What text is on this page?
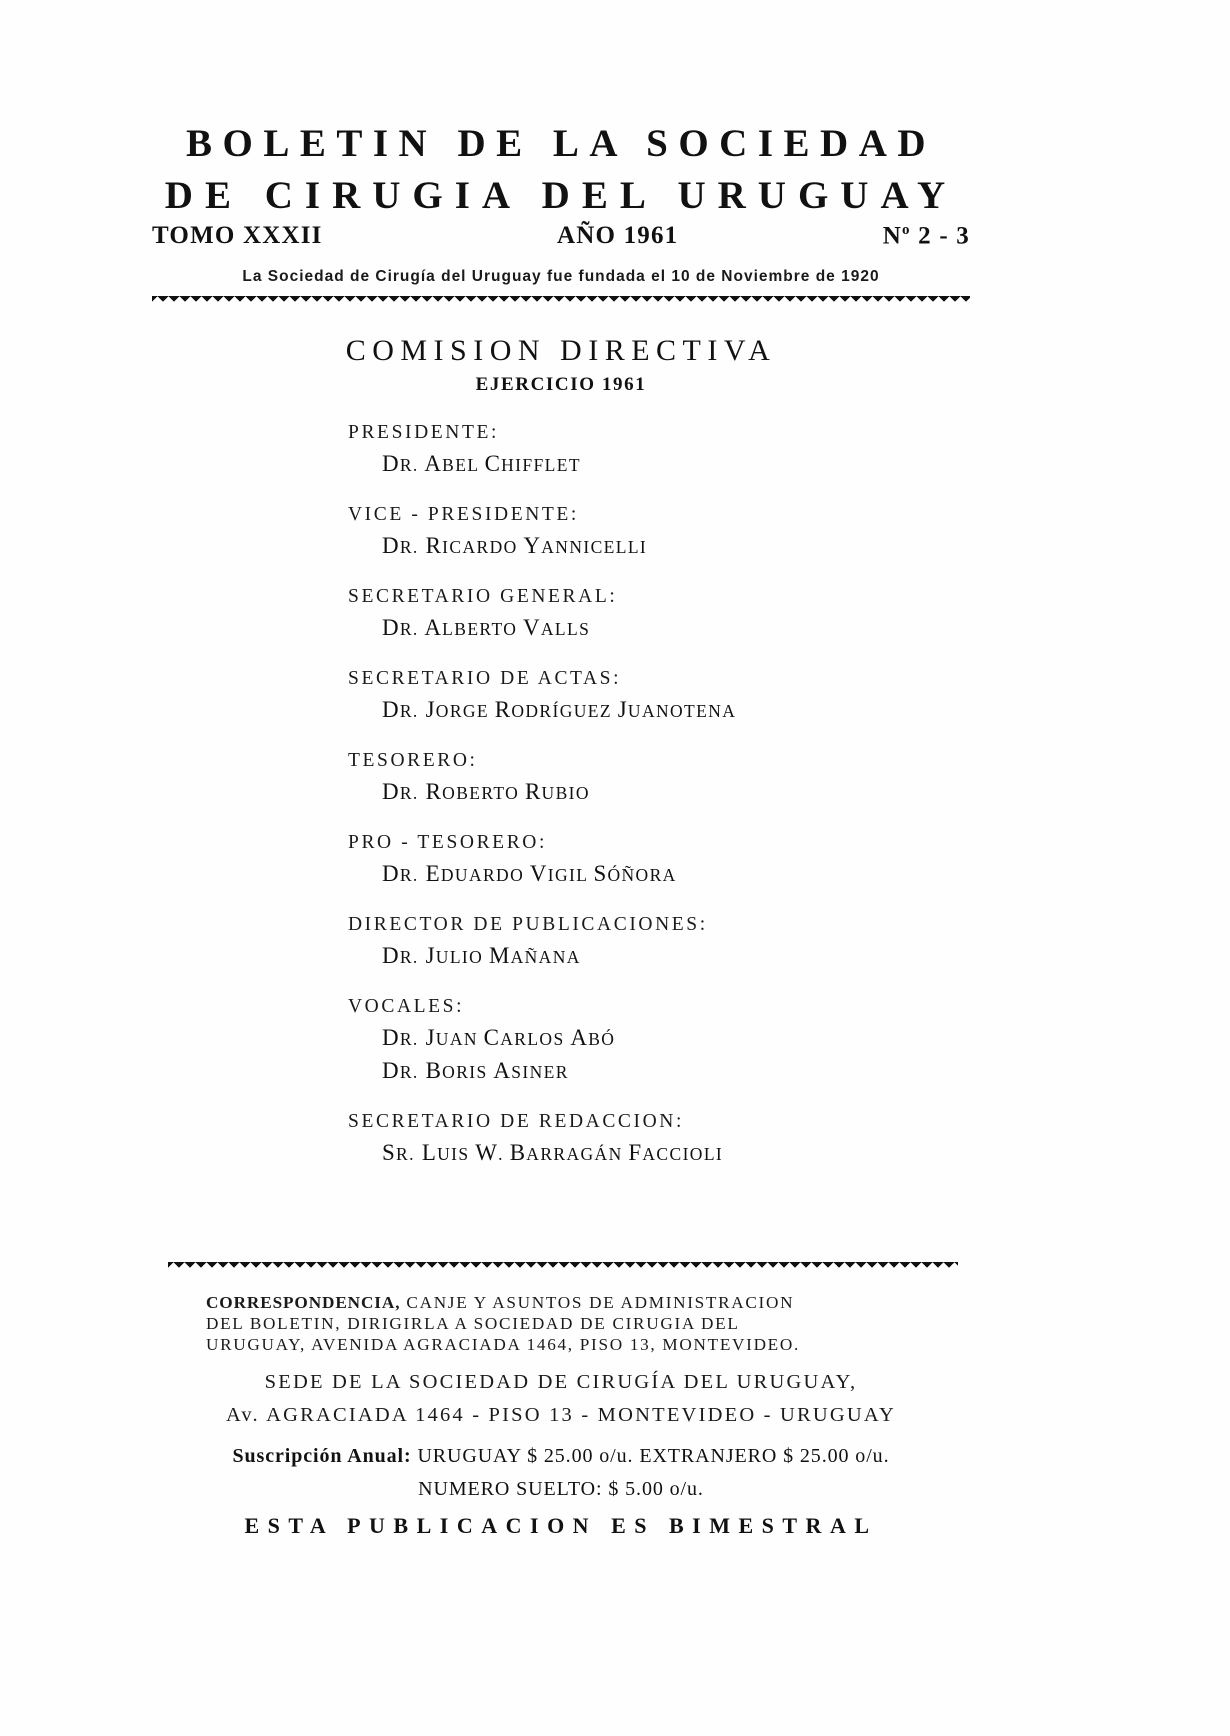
BOLETIN DE LA SOCIEDAD
DE CIRUGIA DEL URUGUAY
TOMO XXXII	AÑO 1961	$N^o$ 2 - 3
La Sociedad de Cirugía del Uruguay fue fundada el 10 de Noviembre de 1920
COMISION DIRECTIVA
EJERCICIO 1961
PRESIDENTE:
DR. ABEL CHIFFLET
VICE - PRESIDENTE:
DR. RICARDO YANNICELLI
SECRETARIO GENERAL:
DR. ALBERTO VALLS
SECRETARIO DE ACTAS:
DR. JORGE RODRÍGUEZ JUANOTENA
TESORERO:
DR. ROBERTO RUBIO
PRO - TESORERO:
DR. EDUARDO VIGIL SÓÑORA
DIRECTOR DE PUBLICACIONES:
DR. JULIO MAÑANA
VOCALES:
DR. JUAN CARLOS ABÓ
DR. BORIS ASINER
SECRETARIO DE REDACCION:
SR. LUIS W. BARRAGÁN FACCIOLI
CORRESPONDENCIA, CANJE Y ASUNTOS DE ADMINISTRACION
DEL BOLETIN, DIRIGIRLA A SOCIEDAD DE CIRUGIA DEL
URUGUAY, AVENIDA AGRACIADA 1464, PISO 13, MONTEVIDEO.
SEDE DE LA SOCIEDAD DE CIRUGÍA DEL URUGUAY,
Av. AGRACIADA 1464 - PISO 13 - MONTEVIDEO - URUGUAY
Suscripción Anual: URUGUAY $ 25.00 o/u. EXTRANJERO $ 25.00 o/u.
NUMERO SUELTO: $ 5.00 o/u.
ESTA PUBLICACION ES BIMESTRAL
